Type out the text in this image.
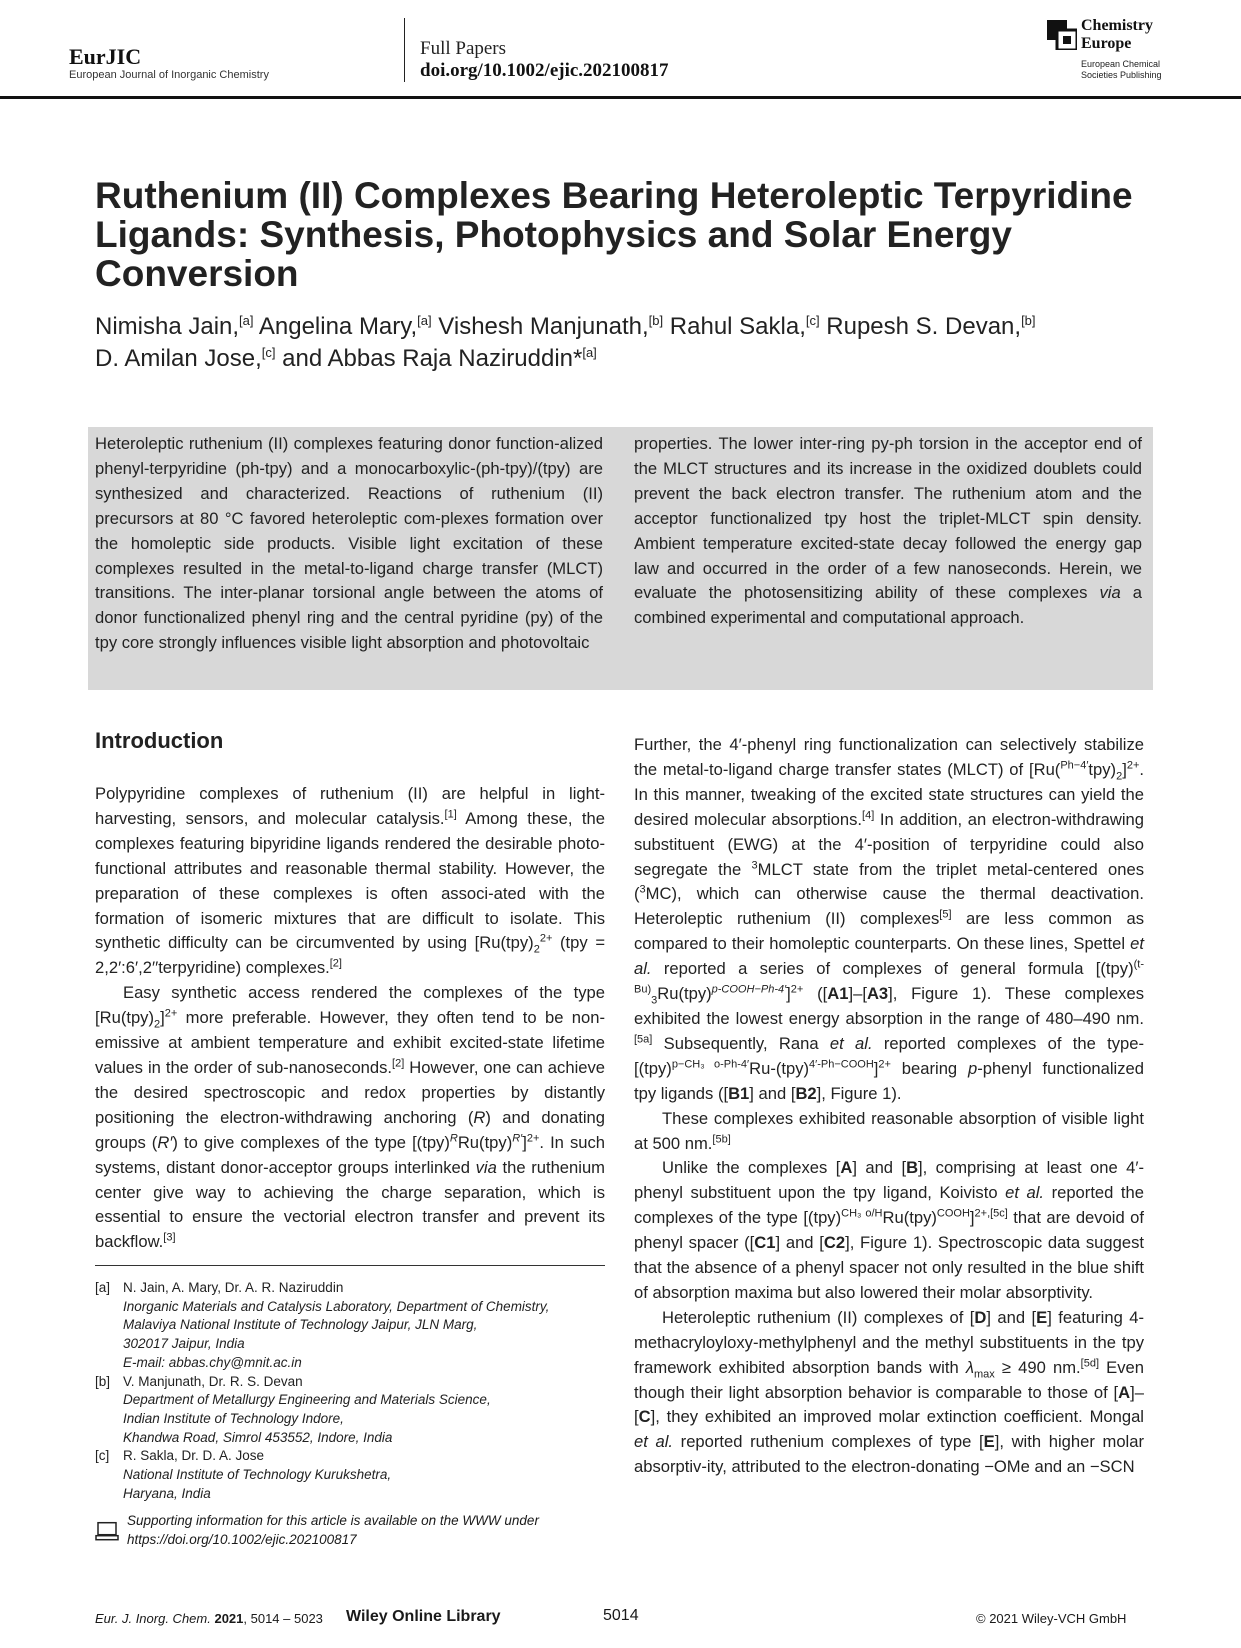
EurJIC
European Journal of Inorganic Chemistry
Full Papers
doi.org/10.1002/ejic.202100817
Chemistry
Europe
European Chemical
Societies Publishing
Ruthenium (II) Complexes Bearing Heteroleptic Terpyridine Ligands: Synthesis, Photophysics and Solar Energy Conversion
Nimisha Jain,[a] Angelina Mary,[a] Vishesh Manjunath,[b] Rahul Sakla,[c] Rupesh S. Devan,[b]
D. Amilan Jose,[c] and Abbas Raja Naziruddin*[a]
Heteroleptic ruthenium (II) complexes featuring donor function-alized phenyl-terpyridine (ph-tpy) and a monocarboxylic-(ph-tpy)/(tpy) are synthesized and characterized. Reactions of ruthenium (II) precursors at 80 °C favored heteroleptic com-plexes formation over the homoleptic side products. Visible light excitation of these complexes resulted in the metal-to-ligand charge transfer (MLCT) transitions. The inter-planar torsional angle between the atoms of donor functionalized phenyl ring and the central pyridine (py) of the tpy core strongly influences visible light absorption and photovoltaic
properties. The lower inter-ring py-ph torsion in the acceptor end of the MLCT structures and its increase in the oxidized doublets could prevent the back electron transfer. The ruthenium atom and the acceptor functionalized tpy host the triplet-MLCT spin density. Ambient temperature excited-state decay followed the energy gap law and occurred in the order of a few nanoseconds. Herein, we evaluate the photosensitizing ability of these complexes via a combined experimental and computational approach.
Introduction

Polypyridine complexes of ruthenium (II) are helpful in light-harvesting, sensors, and molecular catalysis.[1] Among these, the complexes featuring bipyridine ligands rendered the desirable photo-functional attributes and reasonable thermal stability. However, the preparation of these complexes is often associ-ated with the formation of isomeric mixtures that are difficult to isolate. This synthetic difficulty can be circumvented by using [$Ru(tpy)_2^{2+}$ (tpy = 2,2′:6′,2′′terpyridine) complexes.[2]

Easy synthetic access rendered the complexes of the type $[Ru(tpy)_2]^{2+}$ more preferable. However, they often tend to be non-emissive at ambient temperature and exhibit excited-state lifetime values in the order of sub-nanoseconds.[2] However, one can achieve the desired spectroscopic and redox properties by distantly positioning the electron-withdrawing anchoring (R) and donating groups (R′) to give complexes of the type $[(tpy)^RRu(tpy)^{R'}]^{2+}$. In such systems, distant donor-acceptor groups interlinked via the ruthenium center give way to achieving the charge separation, which is essential to ensure the vectorial electron transfer and prevent its backflow.[3]

Further, the 4′-phenyl ring functionalization can selectively stabilize the metal-to-ligand charge transfer states (MLCT) of $[Ru(^{Ph-4'}tpy)_2]^{2+}$. In this manner, tweaking of the excited state structures can yield the desired molecular absorptions.[4] In addition, an electron-withdrawing substituent (EWG) at the 4′-position of terpyridine could also segregate the $^3$MLCT state from the triplet metal-centered ones ($^3$MC), which can otherwise cause the thermal deactivation. Heteroleptic ruthenium (II) complexes[5] are less common as compared to their homoleptic counterparts. On these lines, Spettel et al. reported a series of complexes of general formula $[(tpy)^{(t-Bu)}_3Ru(tpy)^{p-COOH-Ph-4'}]^{2+}$ ([A1]–[A3], Figure 1). These complexes exhibited the lowest energy absorption in the range of 480–490 nm.[5a] Subsequently, Rana et al. reported complexes of the type-$[(tpy)^{p-CH_3 o-Ph-4'}Ru-(tpy)^{4'-Ph-COOH}]^{2+}$ bearing p-phenyl functionalized tpy ligands ([B1] and [B2], Figure 1).

These complexes exhibited reasonable absorption of visible light at 500 nm.[5b]

Unlike the complexes [A] and [B], comprising at least one 4′-phenyl substituent upon the tpy ligand, Koivisto et al. reported the complexes of the type $[(tpy)^{CH_3 o/H}Ru(tpy)^{COOH}]^{2+,[5c]}$ that are devoid of phenyl spacer ([C1] and [C2], Figure 1). Spectroscopic data suggest that the absence of a phenyl spacer not only resulted in the blue shift of absorption maxima but also lowered their molar absorptivity.

Heteroleptic ruthenium (II) complexes of [D] and [E] featuring 4-methacryloyloxy-methylphenyl and the methyl substituents in the tpy framework exhibited absorption bands with $\lambda_{max} \ge 490$ nm.[5d] Even though their light absorption behavior is comparable to those of [A]–[C], they exhibited an improved molar extinction coefficient. Mongal et al. reported ruthenium complexes of type [E], with higher molar absorptiv-ity, attributed to the electron-donating −OMe and an −SCN

[a] N. Jain, A. Mary, Dr. A. R. Naziruddin
Inorganic Materials and Catalysis Laboratory, Department of Chemistry,
Malaviya National Institute of Technology Jaipur, JLN Marg,
302017 Jaipur, India
E-mail: abbas.chy@mnit.ac.in
[b] V. Manjunath, Dr. R. S. Devan
Department of Metallurgy Engineering and Materials Science,
Indian Institute of Technology Indore,
Khandwa Road, Simrol 453552, Indore, India
[c]	R. Sakla, Dr. D. A. Jose
National Institute of Technology Kurukshetra,
Haryana, India
Supporting information for this article is available on the WWW under https://doi.org/10.1002/ejic.202100817
Eur. J. Inorg. Chem. 2021, 5014 – 5023 Wiley Online Library	5014	© 2021 Wiley-VCH GmbH
